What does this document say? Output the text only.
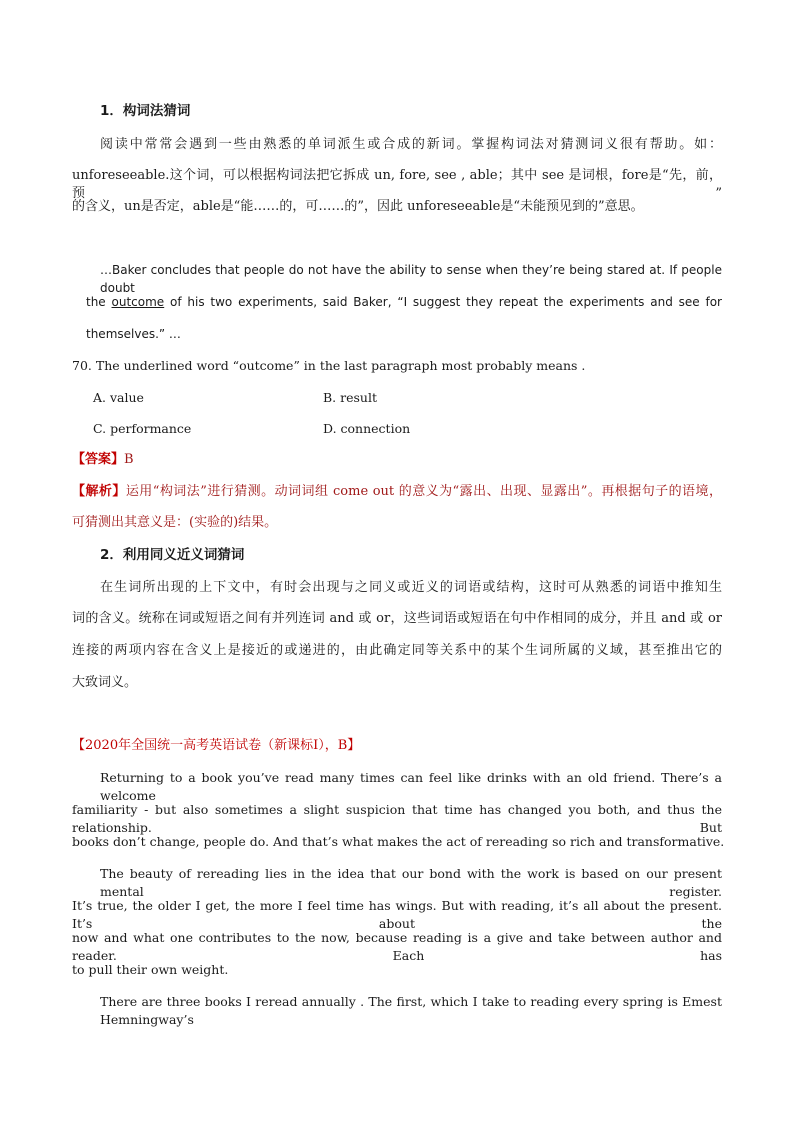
1．构词法猜词
阅读中常常会遇到一些由熟悉的单词派生或合成的新词。掌握构词法对猜测词义很有帮助。如：
unforeseeable.这个词，可以根据构词法把它拆成 un, fore, see , able；其中 see 是词根，fore是“先，前，预”
的含义，un是否定，able是“能……的，可……的”，因此 unforeseeable是“未能预见到的”意思。
…Baker concludes that people do not have the ability to sense when they’re being stared at. If people doubt
the outcome of his two experiments, said Baker, “I suggest they repeat the experiments and see for
themselves.” …
70. The underlined word “outcome” in the last paragraph most probably means .
A. value	B. result
C. performance	D. connection
【答案】B
【解析】运用“构词法”进行猜测。动词词组 come out 的意义为“露出、出现、显露出”。再根据句子的语境，
可猜测出其意义是：(实验的)结果。
2．利用同义近义词猜词
在生词所出现的上下文中，有时会出现与之同义或近义的词语或结构，这时可从熟悉的词语中推知生
词的含义。统称在词或短语之间有并列连词 and 或 or，这些词语或短语在句中作相同的成分，并且 and 或 or
连接的两项内容在含义上是接近的或递进的，由此确定同等关系中的某个生词所属的义域，甚至推出它的
大致词义。
【2020年全国统一高考英语试卷（新课标Ⅰ），B】
Returning to a book you’ve read many times can feel like drinks with an old friend. There’s a welcome
familiarity - but also sometimes a slight suspicion that time has changed you both, and thus the relationship. But
books don’t change, people do. And that’s what makes the act of rereading so rich and transformative.
The beauty of rereading lies in the idea that our bond with the work is based on our present mental register.
It’s true, the older I get, the more I feel time has wings. But with reading, it’s all about the present. It’s about the
now and what one contributes to the now, because reading is a give and take between author and reader. Each has
to pull their own weight.
There are three books I reread annually . The first, which I take to reading every spring is Emest Hemningway’s
